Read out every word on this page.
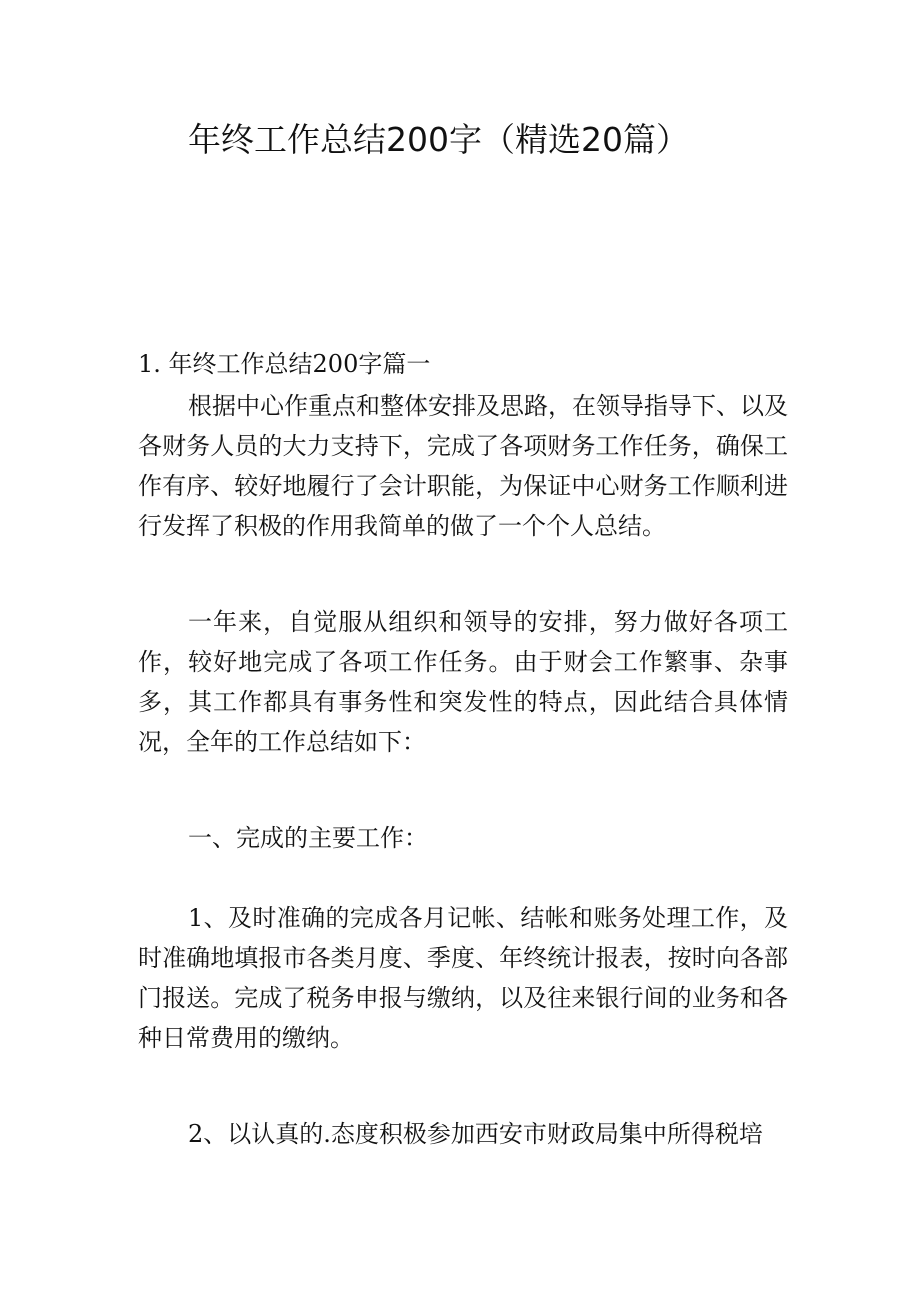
年终工作总结200字（精选20篇）
1. 年终工作总结200字篇一

根据中心作重点和整体安排及思路，在领导指导下、以及各财务人员的大力支持下，完成了各项财务工作任务，确保工作有序、较好地履行了会计职能，为保证中心财务工作顺利进行发挥了积极的作用我简单的做了一个个人总结。

一年来，自觉服从组织和领导的安排，努力做好各项工作，较好地完成了各项工作任务。由于财会工作繁事、杂事多，其工作都具有事务性和突发性的特点，因此结合具体情况，全年的工作总结如下：

一、完成的主要工作：

1、及时准确的完成各月记帐、结帐和账务处理工作，及时准确地填报市各类月度、季度、年终统计报表，按时向各部门报送。完成了税务申报与缴纳，以及往来银行间的业务和各种日常费用的缴纳。

2、以认真的.态度积极参加西安市财政局集中所得税培
